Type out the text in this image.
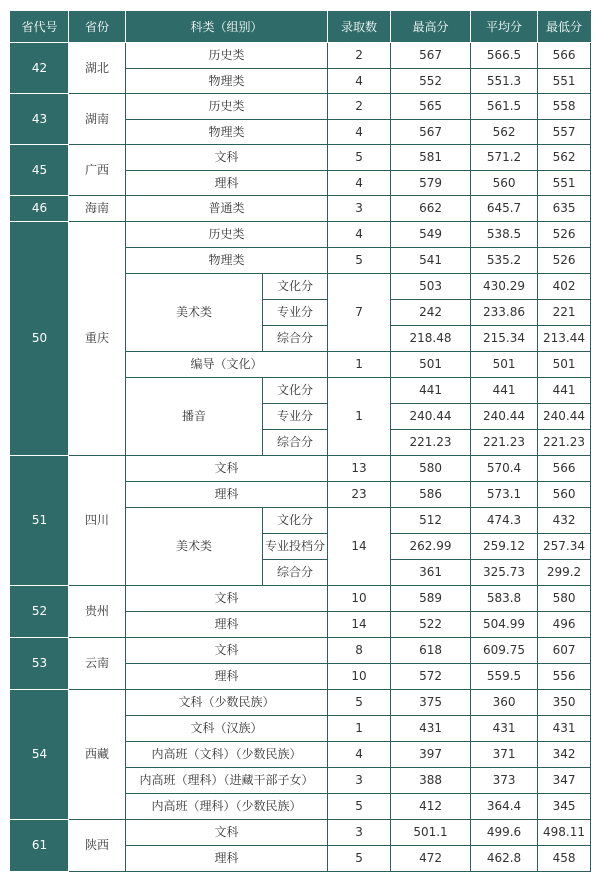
省代号	省份	科类（组别）		录取数	最高分	平均分	最低分
42	湖北	历史类		2	567	566.5	566
		物理类		4	552	551.3	551
43	湖南	历史类		2	565	561.5	558
		物理类		4	567	562	557
45	广西	文科		5	581	571.2	562
		理科		4	579	560	551
46	海南	普通类		3	662	645.7	635
50	重庆	历史类		4	549	538.5	526
		物理类		5	541	535.2	526
		美术类	文化分	7	503	430.29	402
			专业分		242	233.86	221
			综合分		218.48	215.34	213.44
		编导（文化）		1	501	501	501
		播音	文化分	1	441	441	441
			专业分		240.44	240.44	240.44
			综合分		221.23	221.23	221.23
51	四川	文科		13	580	570.4	566
		理科		23	586	573.1	560
		美术类	文化分	14	512	474.3	432
			专业投档分		262.99	259.12	257.34
			综合分		361	325.73	299.2
52	贵州	文科		10	589	583.8	580
		理科		14	522	504.99	496
53	云南	文科		8	618	609.75	607
		理科		10	572	559.5	556
54	西藏	文科（少数民族）		5	375	360	350
		文科（汉族）		1	431	431	431
		内高班（文科）（少数民族）		4	397	371	342
		内高班（理科）（进藏干部子女）		3	388	373	347
		内高班（理科）（少数民族）		5	412	364.4	345
61	陕西	文科		3	501.1	499.6	498.11
		理科		5	472	462.8	458
